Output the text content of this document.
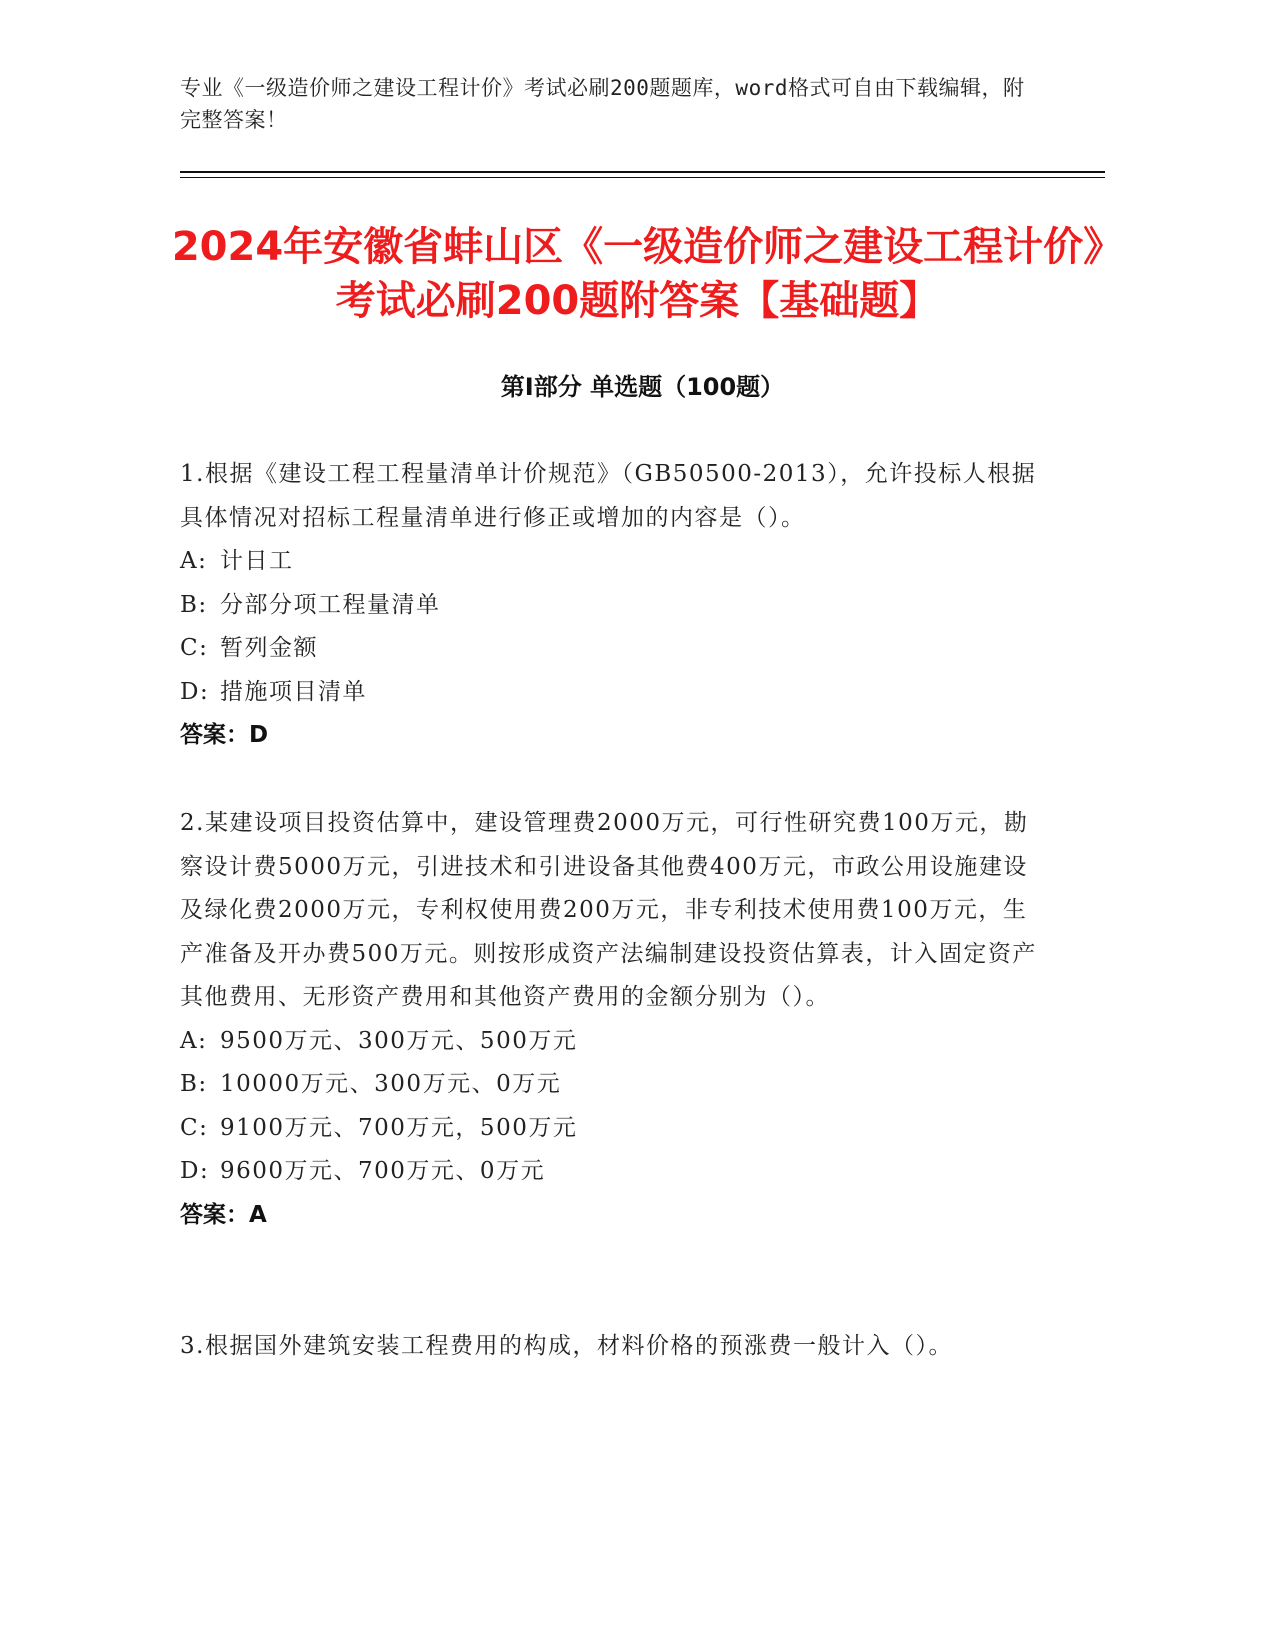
专业《一级造价师之建设工程计价》考试必刷200题题库，word格式可自由下载编辑，附完整答案！
2024年安徽省蚌山区《一级造价师之建设工程计价》考试必刷200题附答案【基础题】
第I部分 单选题（100题）

1.根据《建设工程工程量清单计价规范》（GB50500-2013），允许投标人根据具体情况对招标工程量清单进行修正或增加的内容是（）。

A: 计日工
B: 分部分项工程量清单
C: 暂列金额
D: 措施项目清单

答案：D

2.某建设项目投资估算中，建设管理费2000万元，可行性研究费100万元，勘察设计费5000万元，引进技术和引进设备其他费400万元，市政公用设施建设及绿化费2000万元，专利权使用费200万元，非专利技术使用费100万元，生产准备及开办费500万元。则按形成资产法编制建设投资估算表，计入固定资产其他费用、无形资产费用和其他资产费用的金额分别为（）。

A: 9500万元、300万元、500万元
B: 10000万元、300万元、0万元
C: 9100万元、700万元，500万元
D: 9600万元、700万元、0万元

答案：A

3.根据国外建筑安装工程费用的构成，材料价格的预涨费一般计入（）。
